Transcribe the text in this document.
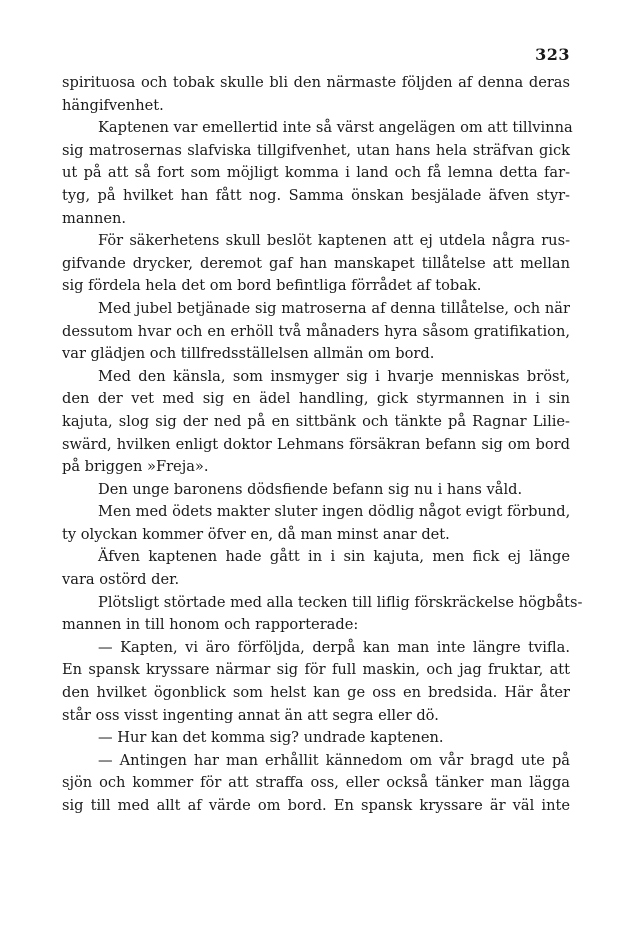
323
spirituosa och tobak skulle bli den närmaste följden af denna deras
hängifvenhet.
Kaptenen var emellertid inte så värst angelägen om att tillvinna
sig matrosernas slafviska tillgifvenhet, utan hans hela sträfvan gick
ut på att så fort som möjligt komma i land och få lemna detta far-
tyg, på hvilket han fått nog. Samma önskan besjälade äfven styr-
mannen.
För säkerhetens skull beslöt kaptenen att ej utdela några rus-
gifvande drycker, deremot gaf han manskapet tillåtelse att mellan
sig fördela hela det om bord befintliga förrådet af tobak.
Med jubel betjänade sig matroserna af denna tillåtelse, och när
dessutom hvar och en erhöll två månaders hyra såsom gratifikation,
var glädjen och tillfredsställelsen allmän om bord.
Med den känsla, som insmyger sig i hvarje menniskas bröst,
den der vet med sig en ädel handling, gick styrmannen in i sin
kajuta, slog sig der ned på en sittbänk och tänkte på Ragnar Lilie-
swärd, hvilken enligt doktor Lehmans försäkran befann sig om bord
på briggen »Freja».
Den unge baronens dödsfiende befann sig nu i hans våld.
Men med ödets makter sluter ingen dödlig något evigt förbund,
ty olyckan kommer öfver en, då man minst anar det.
Äfven kaptenen hade gått in i sin kajuta, men fick ej länge
vara ostörd der.
Plötsligt störtade med alla tecken till liflig förskräckelse högbåts-
mannen in till honom och rapporterade:
— Kapten, vi äro förföljda, derpå kan man inte längre tvifla.
En spansk kryssare närmar sig för full maskin, och jag fruktar, att
den hvilket ögonblick som helst kan ge oss en bredsida. Här åter
står oss visst ingenting annat än att segra eller dö.
— Hur kan det komma sig? undrade kaptenen.
— Antingen har man erhållit kännedom om vår bragd ute på
sjön och kommer för att straffa oss, eller också tänker man lägga
sig till med allt af värde om bord. En spansk kryssare är väl inte
